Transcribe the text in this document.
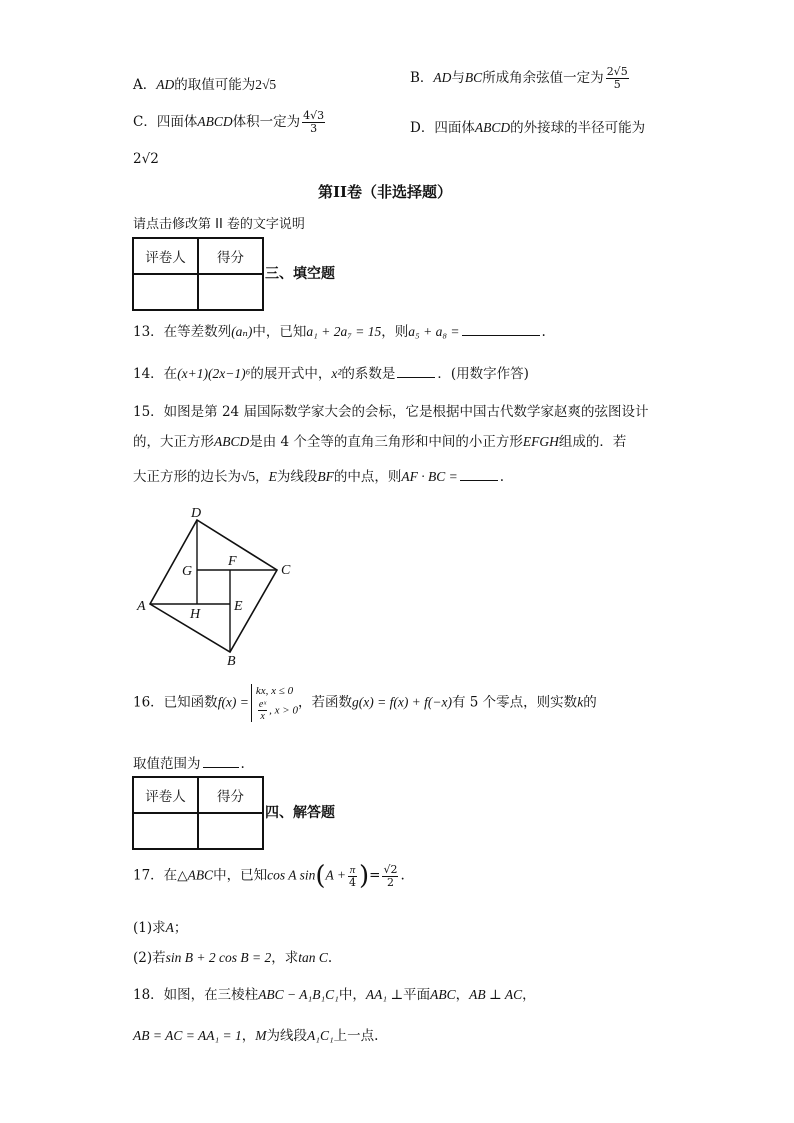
A．AD的取值可能为2√5	B．AD与BC所成角余弦值一定为 $\frac{2√5}{5}$
C．四面体ABCD体积一定为 $\frac{4√3}{3}$	D．四面体ABCD的外接球的半径可能为
2√2
第II卷（非选择题）
请点击修改第 II 卷的文字说明
评卷人	得分

三、填空题
13．在等差数列(aₙ)中，已知a₁ + 2a₇ = 15，则a₅ + a₈ =	.
14．在(x+1)(2x−1)⁶的展开式中，x²的系数是	．(用数字作答)
15．如图是第 24 届国际数学家大会的会标，它是根据中国古代数学家赵爽的弦图设计
的，大正方形ABCD是由 4 个全等的直角三角形和中间的小正方形EFGH组成的．若
大正方形的边长为√5，E为线段BF的中点，则AF · BC =	.
D
C
A
B
F
G
H
E
16．已知函数f(x) =
kx, x ≤ 0
$\frac{\text{eˣ}}{x}$ , x > 0 ，若函数g(x) = f(x) + f(−x)有 5 个零点，则实数k的
取值范围为	.
评卷人	得分

四、解答题
17．在△ABC中，已知cos A $\sin(A + \frac{\pi}{4}$ )= $\frac{√2}{2}$ .
(1)求A；
(2)若sin B + 2 cos B = 2，求tan C.
18．如图，在三棱柱ABC − A₁B₁C₁中，AA₁ ⊥平面ABC，AB ⊥ AC，
AB = AC = AA₁ = 1，M为线段A₁C₁上一点.
